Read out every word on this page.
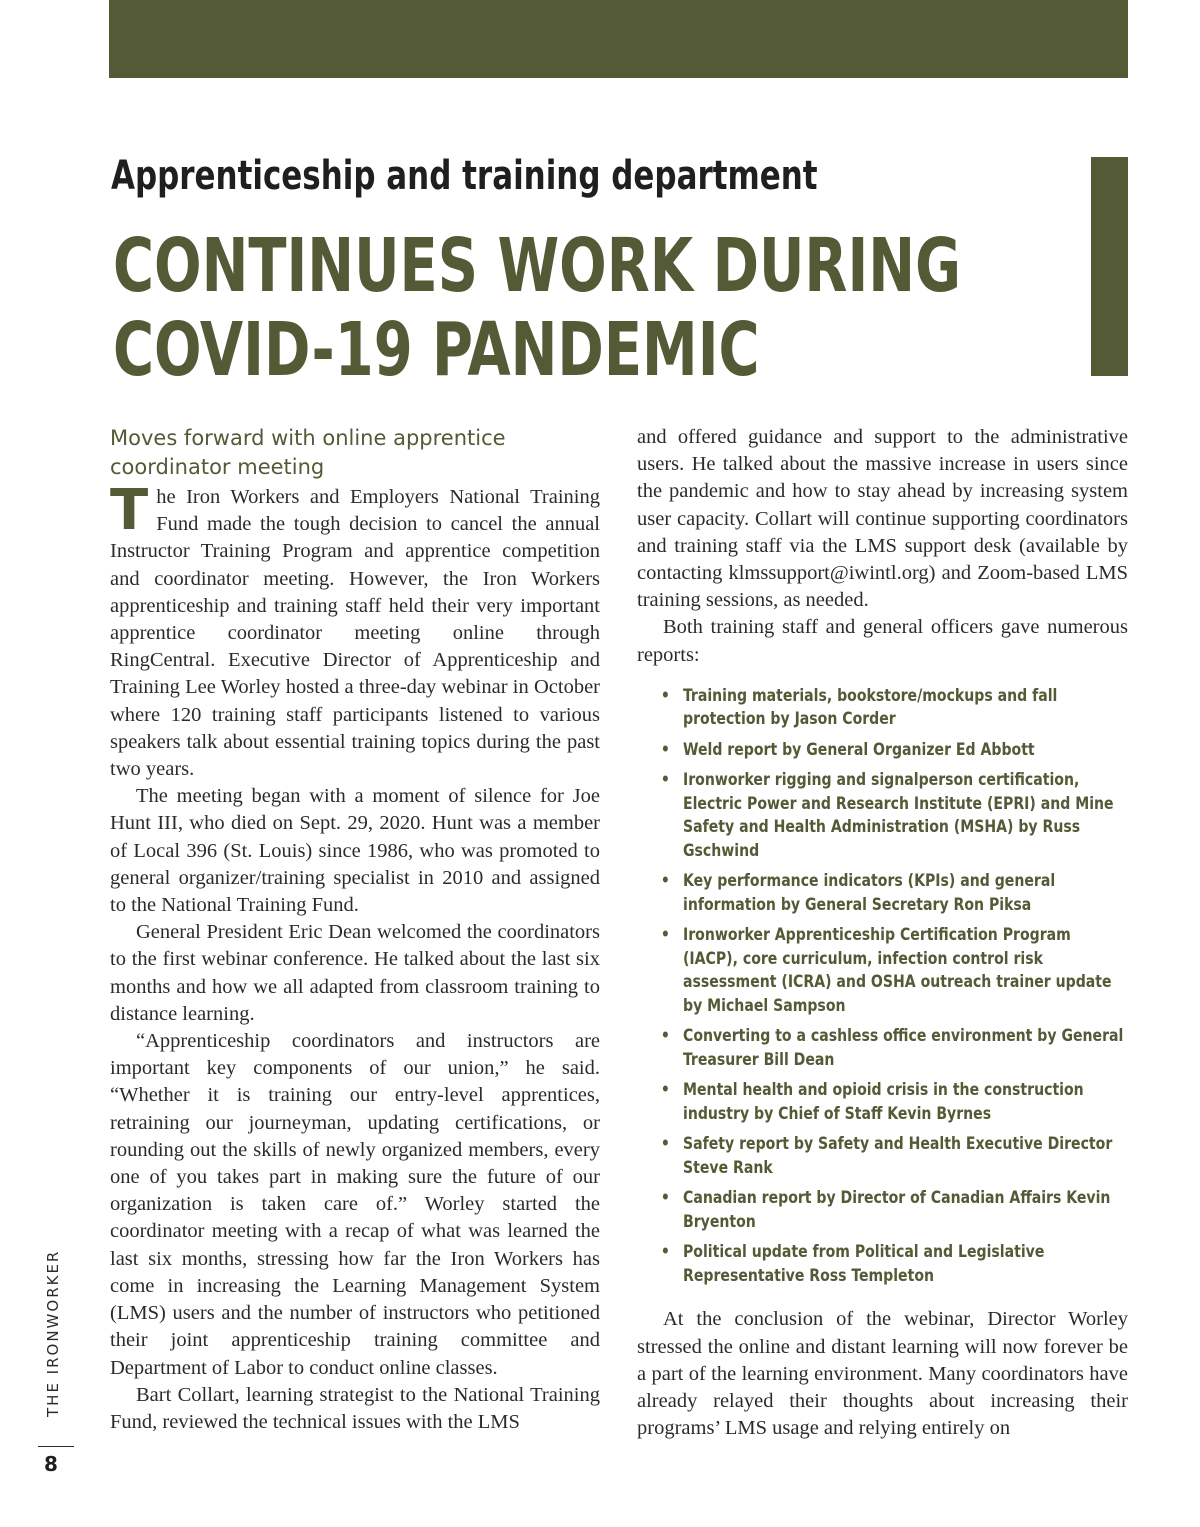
Apprenticeship and training department
CONTINUES WORK DURING
COVID-19 PANDEMIC
Moves forward with online apprentice coordinator meeting

The Iron Workers and Employers National Training Fund made the tough decision to cancel the annual Instructor Training Program and apprentice competition and coordinator meeting. However, the Iron Workers apprenticeship and training staff held their very important apprentice coordinator meeting online through RingCentral. Executive Director of Apprenticeship and Training Lee Worley hosted a three-day webinar in October where 120 training staff participants listened to various speakers talk about essential training topics during the past two years.

The meeting began with a moment of silence for Joe Hunt III, who died on Sept. 29, 2020. Hunt was a member of Local 396 (St. Louis) since 1986, who was promoted to general organizer/training specialist in 2010 and assigned to the National Training Fund.

General President Eric Dean welcomed the coordinators to the first webinar conference. He talked about the last six months and how we all adapted from classroom training to distance learning.

“Apprenticeship coordinators and instructors are important key components of our union,” he said. “Whether it is training our entry-level apprentices, retraining our journeyman, updating certifications, or rounding out the skills of newly organized members, every one of you takes part in making sure the future of our organization is taken care of.” Worley started the coordinator meeting with a recap of what was learned the last six months, stressing how far the Iron Workers has come in increasing the Learning Management System (LMS) users and the number of instructors who petitioned their joint apprenticeship training committee and Department of Labor to conduct online classes.

Bart Collart, learning strategist to the National Training Fund, reviewed the technical issues with the LMS

and offered guidance and support to the administrative users. He talked about the massive increase in users since the pandemic and how to stay ahead by increasing system user capacity. Collart will continue supporting coordinators and training staff via the LMS support desk (available by contacting klmssupport@iwintl.org) and Zoom-based LMS training sessions, as needed.

Both training staff and general officers gave numerous reports:

• Training materials, bookstore/mockups and fall protection by Jason Corder
• Weld report by General Organizer Ed Abbott
• Ironworker rigging and signalperson certification, Electric Power and Research Institute (EPRI) and Mine Safety and Health Administration (MSHA) by Russ Gschwind
• Key performance indicators (KPIs) and general information by General Secretary Ron Piksa
• Ironworker Apprenticeship Certification Program (IACP), core curriculum, infection control risk assessment (ICRA) and OSHA outreach trainer update by Michael Sampson
• Converting to a cashless office environment by General Treasurer Bill Dean
• Mental health and opioid crisis in the construction industry by Chief of Staff Kevin Byrnes
• Safety report by Safety and Health Executive Director Steve Rank
• Canadian report by Director of Canadian Affairs Kevin Bryenton
• Political update from Political and Legislative Representative Ross Templeton

At the conclusion of the webinar, Director Worley stressed the online and distant learning will now forever be a part of the learning environment. Many coordinators have already relayed their thoughts about increasing their programs’ LMS usage and relying entirely on

THE IRONWORKER
8
